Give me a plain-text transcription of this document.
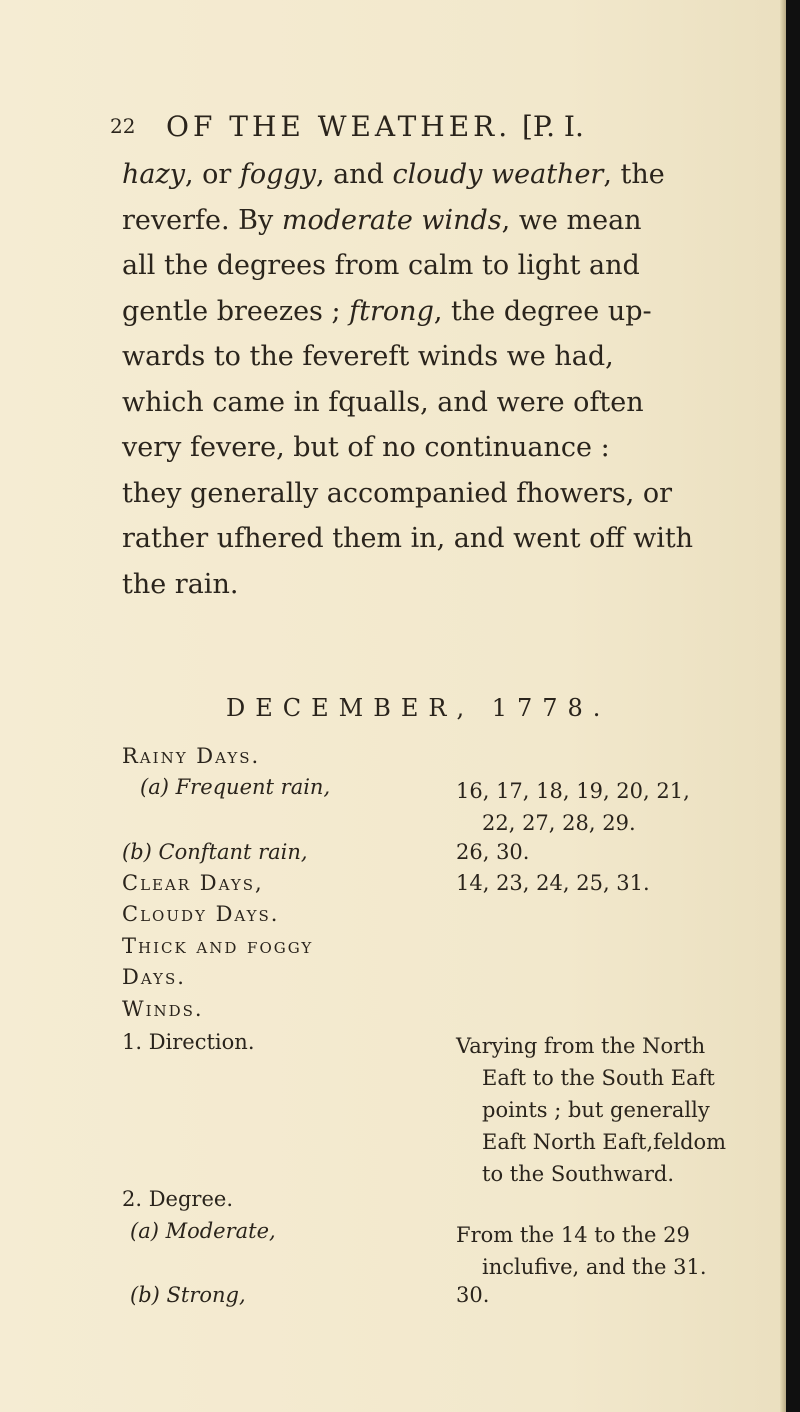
22 OF THE WEATHER. [P. I.
hazy, or foggy, and cloudy weather, the
reverfe. By moderate winds, we mean
all the degrees from calm to light and
gentle breezes ; ftrong, the degree up-
wards to the fevereft winds we had,
which came in fqualls, and were often
very fevere, but of no continuance :
they generally accompanied fhowers, or
rather ufhered them in, and went off with
the rain.
DECEMBER, 1778.
Rainy Days.
(a) Frequent rain,	16, 17, 18, 19, 20, 21,
22, 27, 28, 29.
(b) Conftant rain,	26, 30.
Clear Days,	14, 23, 24, 25, 31.
Cloudy Days.
Thick and foggy
Days.
Winds.
1. Direction.	Varying from the North
Eaft to the South Eaft
points ; but generally
Eaft North Eaft,feldom
to the Southward.
2. Degree.
(a) Moderate,	From the 14 to the 29
inclufive, and the 31.
(b) Strong,	30.
